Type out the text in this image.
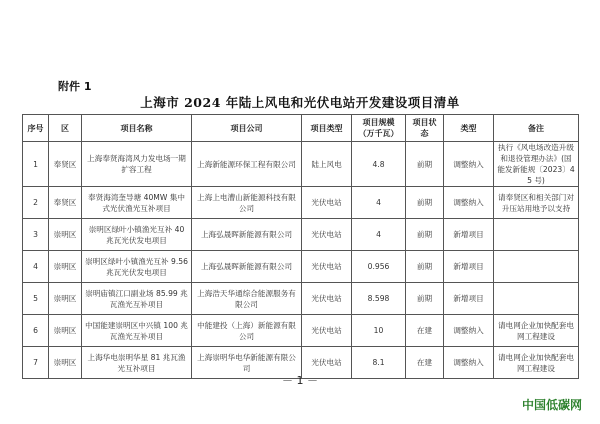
附件 1
上海市 2024 年陆上风电和光伏电站开发建设项目清单
序号	区	项目名称	项目公司	项目类型	项目规模（万千瓦）	项目状态	类型	备注
1	奉贤区	上海奉贤海湾风力发电场一期扩容工程	上海新能源环保工程有限公司	陆上风电	4.8	前期	调整纳入	执行《风电场改造升级和退役管理办法》(国能发新能规〔2023〕45 号)
2	奉贤区	奉贤海湾奎导塘 40MW 集中式光伏渔光互补项目	上海上电漕山新能源科技有限公司	光伏电站	4	前期	调整纳入	请奉贤区和相关部门对升压站用地予以支持
3	崇明区	崇明区绿叶小镇渔光互补 40 兆瓦光伏发电项目	上海弘晟晖新能源有限公司	光伏电站	4	前期	新增项目	
4	崇明区	崇明区绿叶小镇渔光互补 9.56 兆瓦光伏发电项目	上海弘晟晖新能源有限公司	光伏电站	0.956	前期	新增项目	
5	崇明区	崇明庙镇江口副业场 85.99 兆瓦渔光互补项目	上海浩天华通综合能源服务有限公司	光伏电站	8.598	前期	新增项目	
6	崇明区	中国能建崇明区中兴镇 100 兆瓦渔光互补项目	中能建投（上海）新能源有限公司	光伏电站	10	在建	调整纳入	请电网企业加快配套电网工程建设
7	崇明区	上海华电崇明华星 81 兆瓦渔光互补项目	上海崇明华电华新能源有限公司	光伏电站	8.1	在建	调整纳入	请电网企业加快配套电网工程建设
－ 1 －
中国低碳网
